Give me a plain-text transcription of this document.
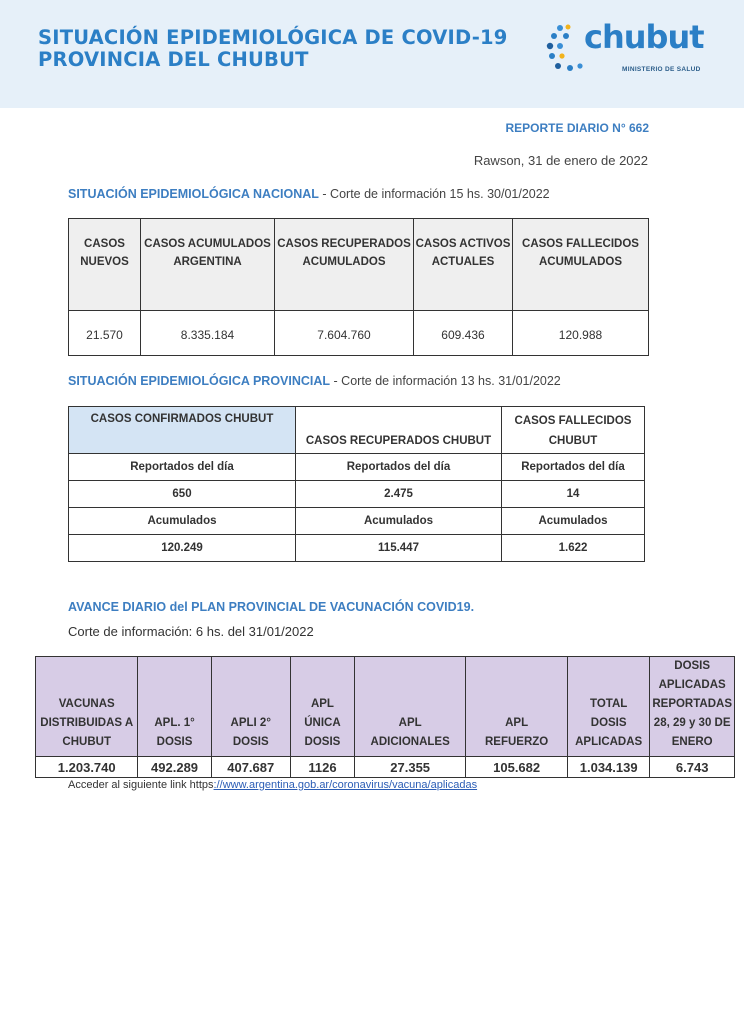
SITUACIÓN EPIDEMIOLÓGICA DE COVID-19
PROVINCIA DEL CHUBUT
chubut
MINISTERIO DE SALUD
REPORTE DIARIO N° 662
Rawson, 31 de enero de 2022
SITUACIÓN EPIDEMIOLÓGICA NACIONAL - Corte de información 15 hs. 30/01/2022
CASOS NUEVOS	CASOS ACUMULADOS ARGENTINA	CASOS RECUPERADOS ACUMULADOS	CASOS ACTIVOS ACTUALES	CASOS FALLECIDOS ACUMULADOS
21.570	8.335.184	7.604.760	609.436	120.988
SITUACIÓN EPIDEMIOLÓGICA PROVINCIAL - Corte de información 13 hs. 31/01/2022
CASOS CONFIRMADOS CHUBUT	CASOS RECUPERADOS CHUBUT	CASOS FALLECIDOS CHUBUT
Reportados del día	Reportados del día	Reportados del día
650	2.475	14
Acumulados	Acumulados	Acumulados
120.249	115.447	1.622
AVANCE DIARIO del PLAN PROVINCIAL DE VACUNACIÓN COVID19.
Corte de información: 6 hs. del 31/01/2022
VACUNAS DISTRIBUIDAS A CHUBUT	APL. 1° DOSIS	APLI 2° DOSIS	APL ÚNICA DOSIS	APL ADICIONALES	APL REFUERZO	TOTAL DOSIS APLICADAS	DOSIS APLICADAS REPORTADAS 28, 29 y 30 DE ENERO
1.203.740	492.289	407.687	1126	27.355	105.682	1.034.139	6.743
Acceder al siguiente link https://www.argentina.gob.ar/coronavirus/vacuna/aplicadas
